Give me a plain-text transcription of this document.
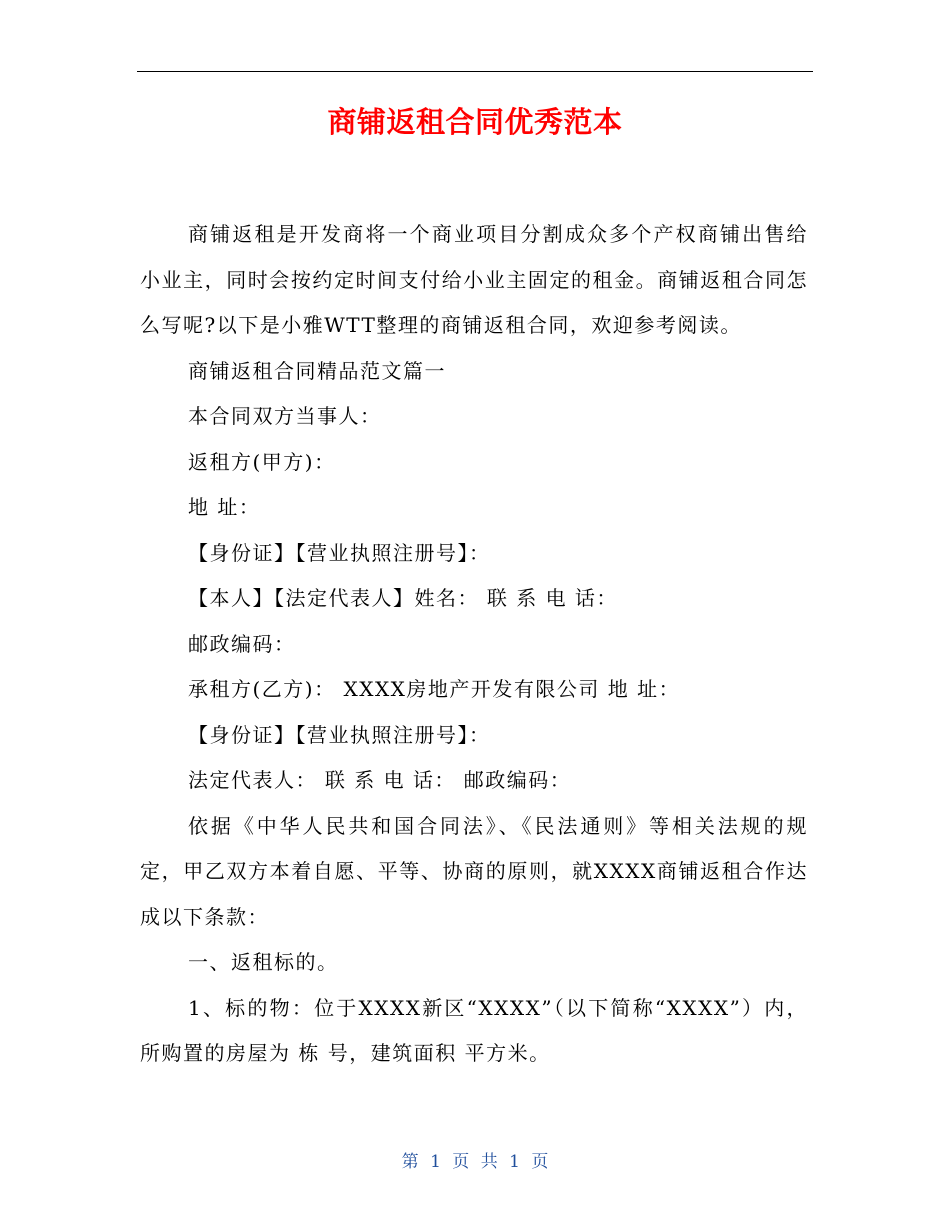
商铺返租合同优秀范本

商铺返租是开发商将一个商业项目分割成众多个产权商铺出售给小业主，同时会按约定时间支付给小业主固定的租金。商铺返租合同怎么写呢?以下是小雅WTT整理的商铺返租合同，欢迎参考阅读。

商铺返租合同精品范文篇一

本合同双方当事人：

返租方(甲方)：

地 址：

【身份证】【营业执照注册号】：

【本人】【法定代表人】姓名： 联 系 电 话：

邮政编码：

承租方(乙方)： XXXX房地产开发有限公司 地 址：

【身份证】【营业执照注册号】：

法定代表人： 联 系 电 话： 邮政编码：

依据《中华人民共和国合同法》、《民法通则》等相关法规的规定，甲乙双方本着自愿、平等、协商的原则，就XXXX商铺返租合作达成以下条款：

一、返租标的。

1、标的物：位于XXXX新区“XXXX”（以下简称“XXXX”）内，所购置的房屋为 栋 号，建筑面积 平方米。

第 1 页 共 1 页
